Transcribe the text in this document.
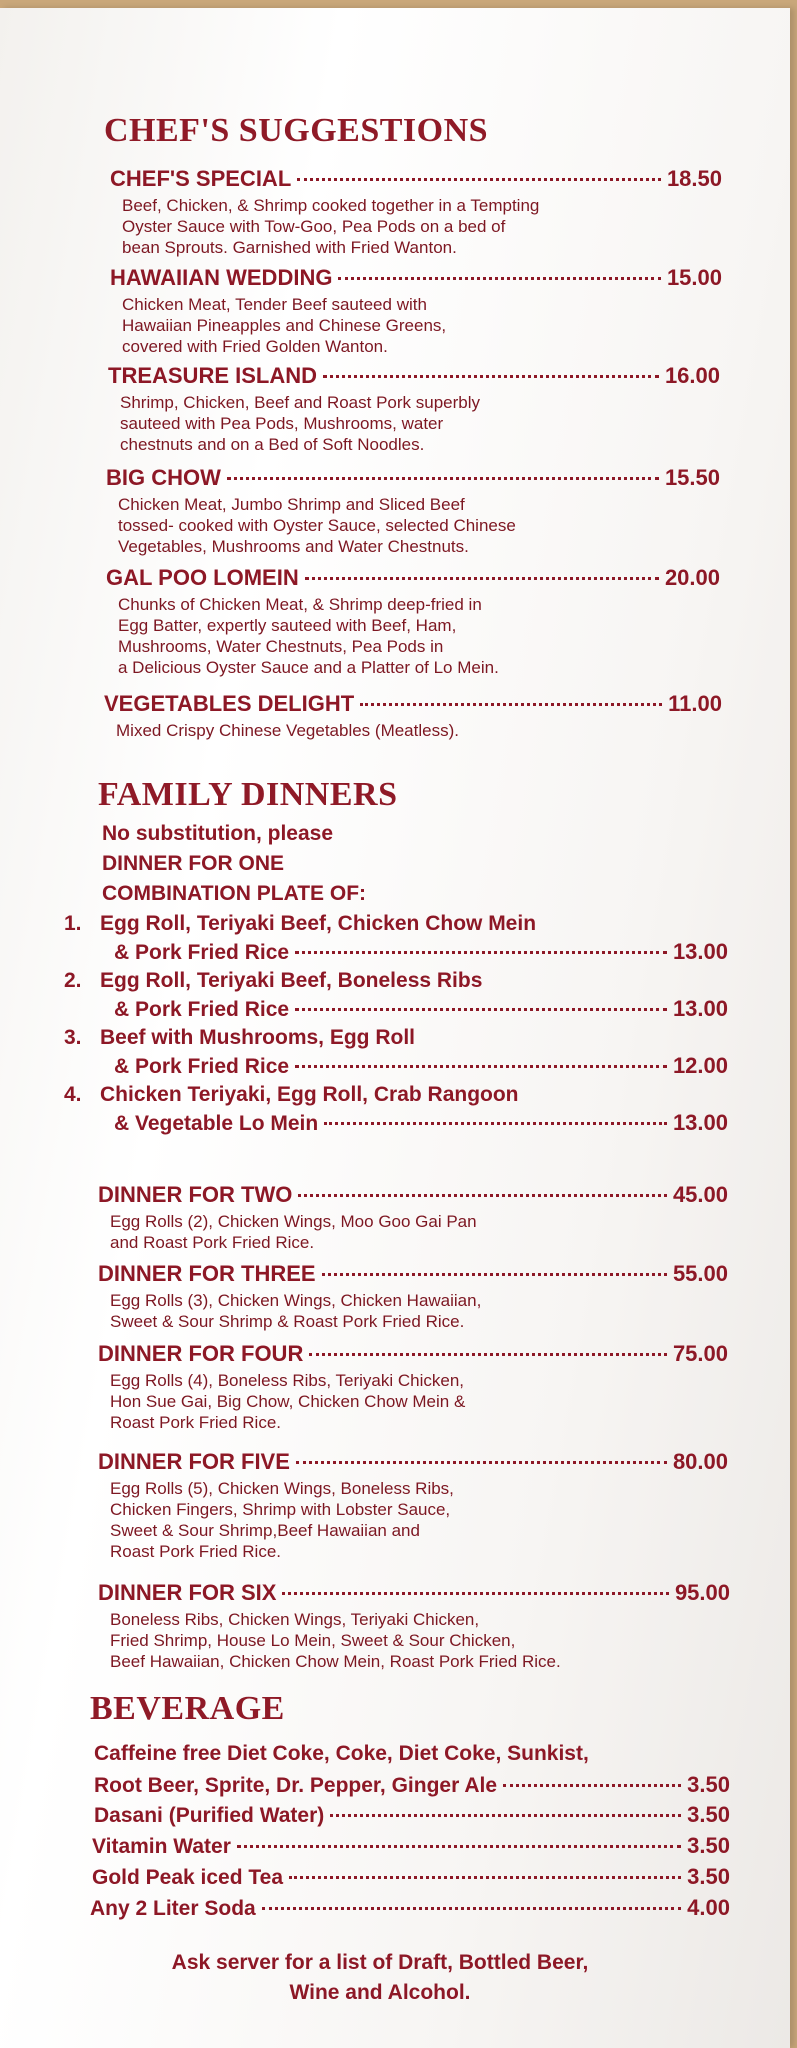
CHEF'S SUGGESTIONS
CHEF'S SPECIAL	18.50
Beef, Chicken, & Shrimp cooked together in a Tempting
Oyster Sauce with Tow-Goo, Pea Pods on a bed of
bean Sprouts. Garnished with Fried Wanton.
HAWAIIAN WEDDING	15.00
Chicken Meat, Tender Beef sauteed with
Hawaiian Pineapples and Chinese Greens,
covered with Fried Golden Wanton.
TREASURE ISLAND	16.00
Shrimp, Chicken, Beef and Roast Pork superbly
sauteed with Pea Pods, Mushrooms, water
chestnuts and on a Bed of Soft Noodles.
BIG CHOW	15.50
Chicken Meat, Jumbo Shrimp and Sliced Beef
tossed- cooked with Oyster Sauce, selected Chinese
Vegetables, Mushrooms and Water Chestnuts.
GAL POO LOMEIN	20.00
Chunks of Chicken Meat, & Shrimp deep-fried in
Egg Batter, expertly sauteed with Beef, Ham,
Mushrooms, Water Chestnuts, Pea Pods in
a Delicious Oyster Sauce and a Platter of Lo Mein.
VEGETABLES DELIGHT	11.00
Mixed Crispy Chinese Vegetables (Meatless).
FAMILY DINNERS
No substitution, please
DINNER FOR ONE
COMBINATION PLATE OF:
1. Egg Roll, Teriyaki Beef, Chicken Chow Mein
& Pork Fried Rice	13.00
2. Egg Roll, Teriyaki Beef, Boneless Ribs
& Pork Fried Rice	13.00
3. Beef with Mushrooms, Egg Roll
& Pork Fried Rice	12.00
4. Chicken Teriyaki, Egg Roll, Crab Rangoon
& Vegetable Lo Mein	13.00
DINNER FOR TWO	45.00
Egg Rolls (2), Chicken Wings, Moo Goo Gai Pan
and Roast Pork Fried Rice.
DINNER FOR THREE	55.00
Egg Rolls (3), Chicken Wings, Chicken Hawaiian,
Sweet & Sour Shrimp & Roast Pork Fried Rice.
DINNER FOR FOUR	75.00
Egg Rolls (4), Boneless Ribs, Teriyaki Chicken,
Hon Sue Gai, Big Chow, Chicken Chow Mein &
Roast Pork Fried Rice.
DINNER FOR FIVE	80.00
Egg Rolls (5), Chicken Wings, Boneless Ribs,
Chicken Fingers, Shrimp with Lobster Sauce,
Sweet & Sour Shrimp,Beef Hawaiian and
Roast Pork Fried Rice.
DINNER FOR SIX	95.00
Boneless Ribs, Chicken Wings, Teriyaki Chicken,
Fried Shrimp, House Lo Mein, Sweet & Sour Chicken,
Beef Hawaiian, Chicken Chow Mein, Roast Pork Fried Rice.
BEVERAGE
Caffeine free Diet Coke, Coke, Diet Coke, Sunkist,
Root Beer, Sprite, Dr. Pepper, Ginger Ale	3.50
Dasani (Purified Water)	3.50
Vitamin Water	3.50
Gold Peak iced Tea	3.50
Any 2 Liter Soda	4.00
Ask server for a list of Draft, Bottled Beer,
Wine and Alcohol.
